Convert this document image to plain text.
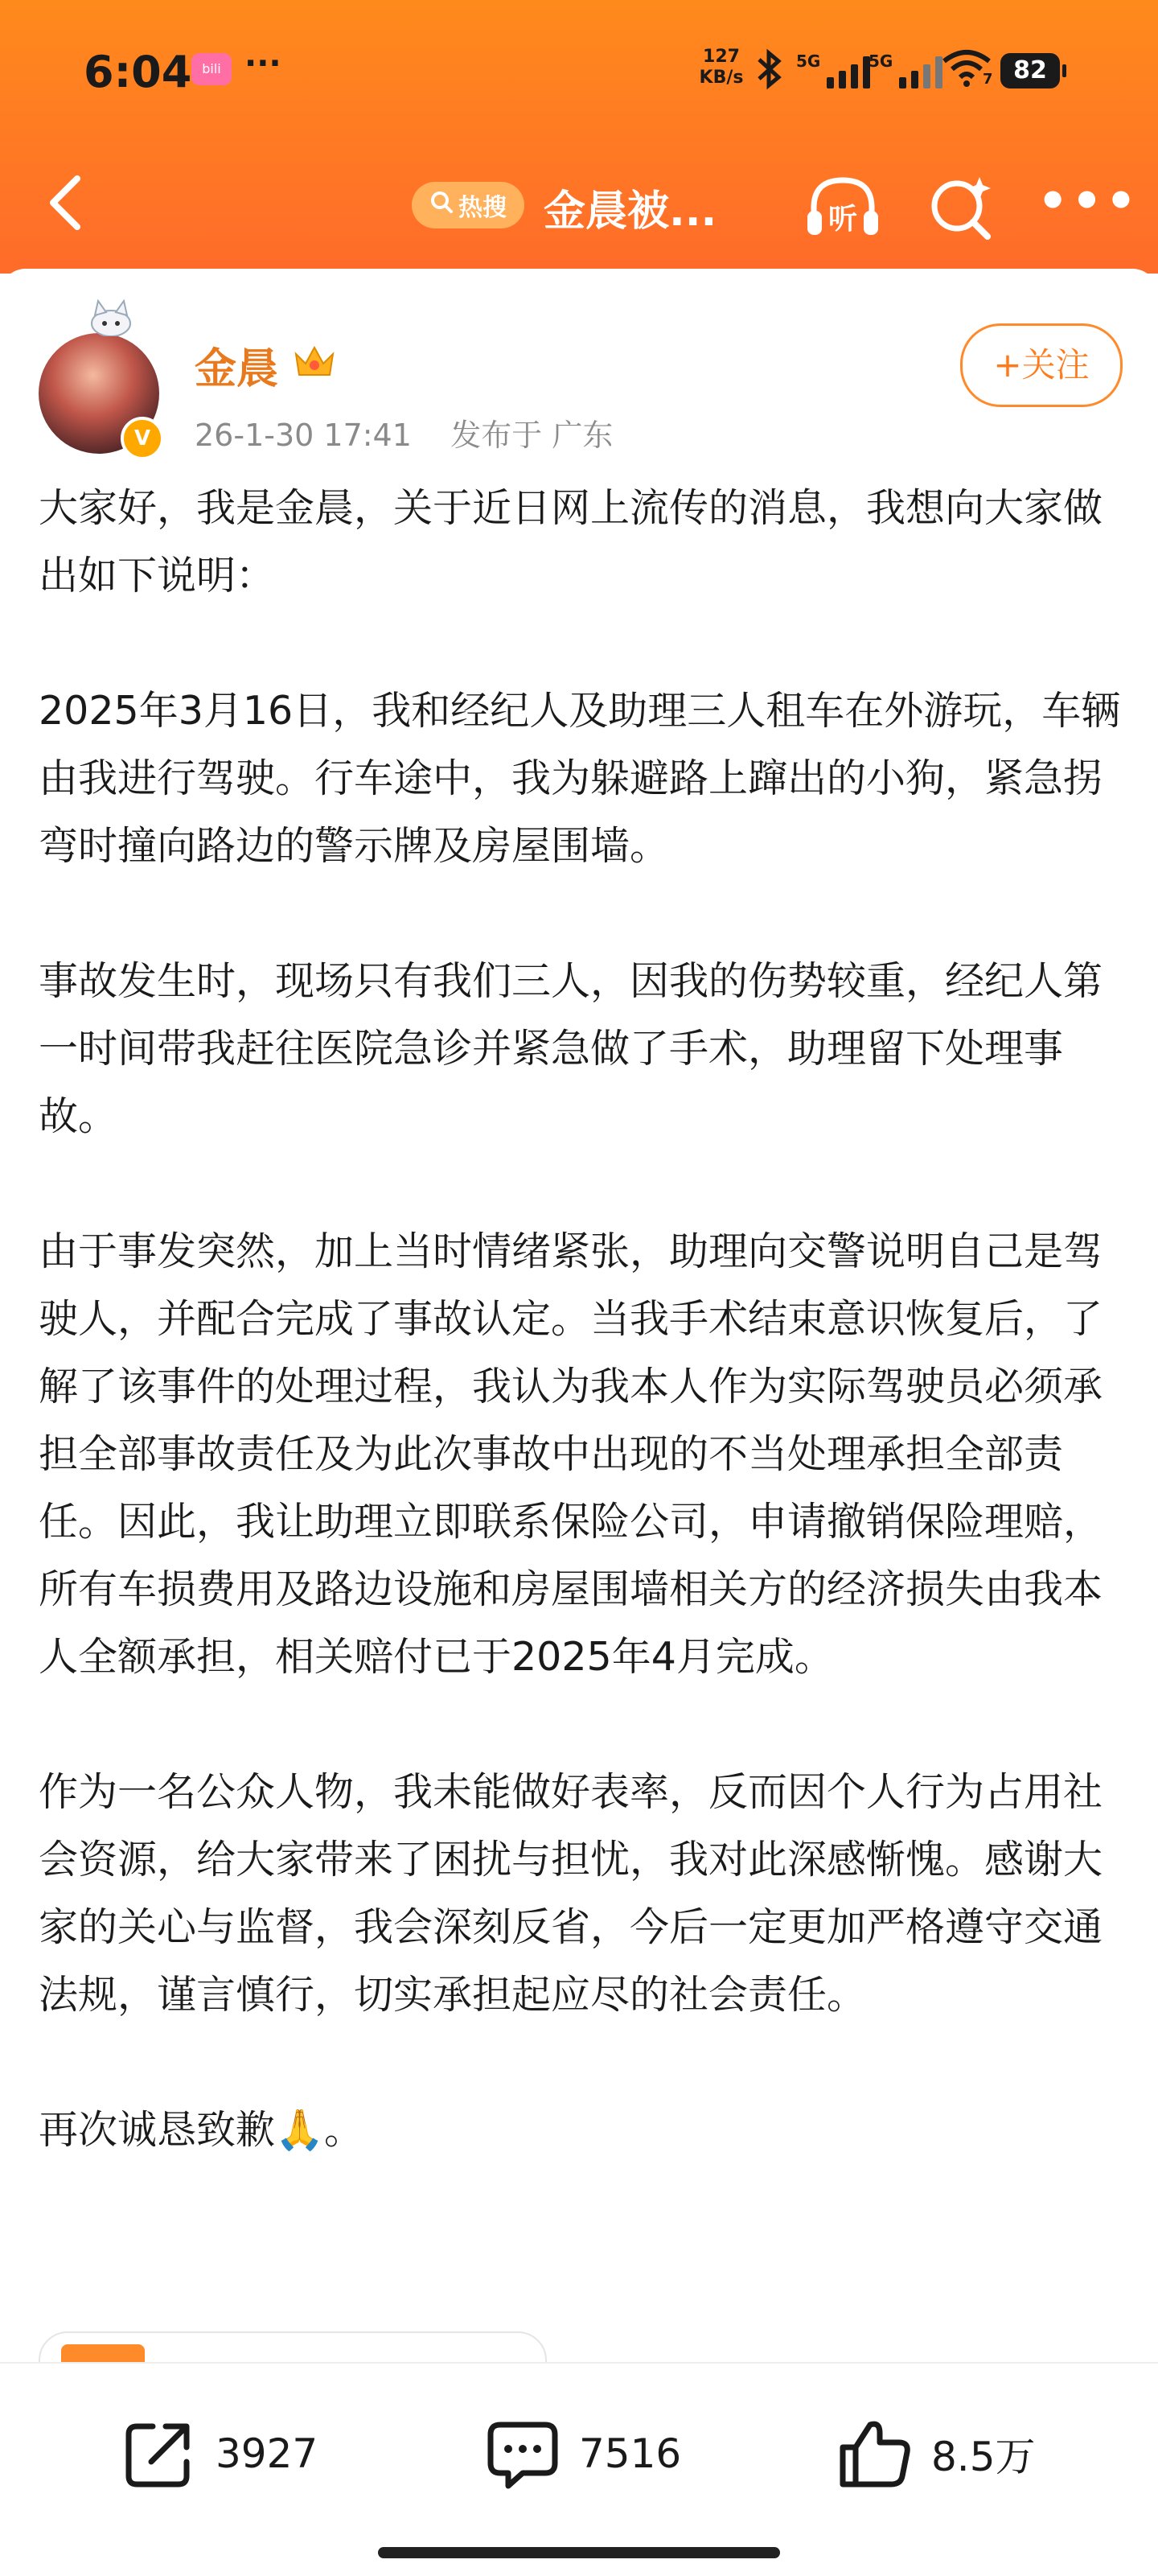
6:04 bili ···	127
KB/s
5G	5G
7 82
热搜 金晨被...	听	•••
V
金晨
26-1-30 17:41 发布于 广东
+关注

大家好，我是金晨，关于近日网上流传的消息，我想向大家做出如下说明：

2025年3月16日，我和经纪人及助理三人租车在外游玩，车辆由我进行驾驶。行车途中，我为躲避路上蹿出的小狗，紧急拐弯时撞向路边的警示牌及房屋围墙。

事故发生时，现场只有我们三人，因我的伤势较重，经纪人第一时间带我赶往医院急诊并紧急做了手术，助理留下处理事故。

由于事发突然，加上当时情绪紧张，助理向交警说明自己是驾驶人，并配合完成了事故认定。当我手术结束意识恢复后，了解了该事件的处理过程，我认为我本人作为实际驾驶员必须承担全部事故责任及为此次事故中出现的不当处理承担全部责任。因此，我让助理立即联系保险公司，申请撤销保险理赔，所有车损费用及路边设施和房屋围墙相关方的经济损失由我本人全额承担，相关赔付已于2025年4月完成。

作为一名公众人物，我未能做好表率，反而因个人行为占用社会资源，给大家带来了困扰与担忧，我对此深感惭愧。感谢大家的关心与监督，我会深刻反省，今后一定更加严格遵守交通法规，谨言慎行，切实承担起应尽的社会责任。

再次诚恳致歉🙏。

3927	7516	8.5万
